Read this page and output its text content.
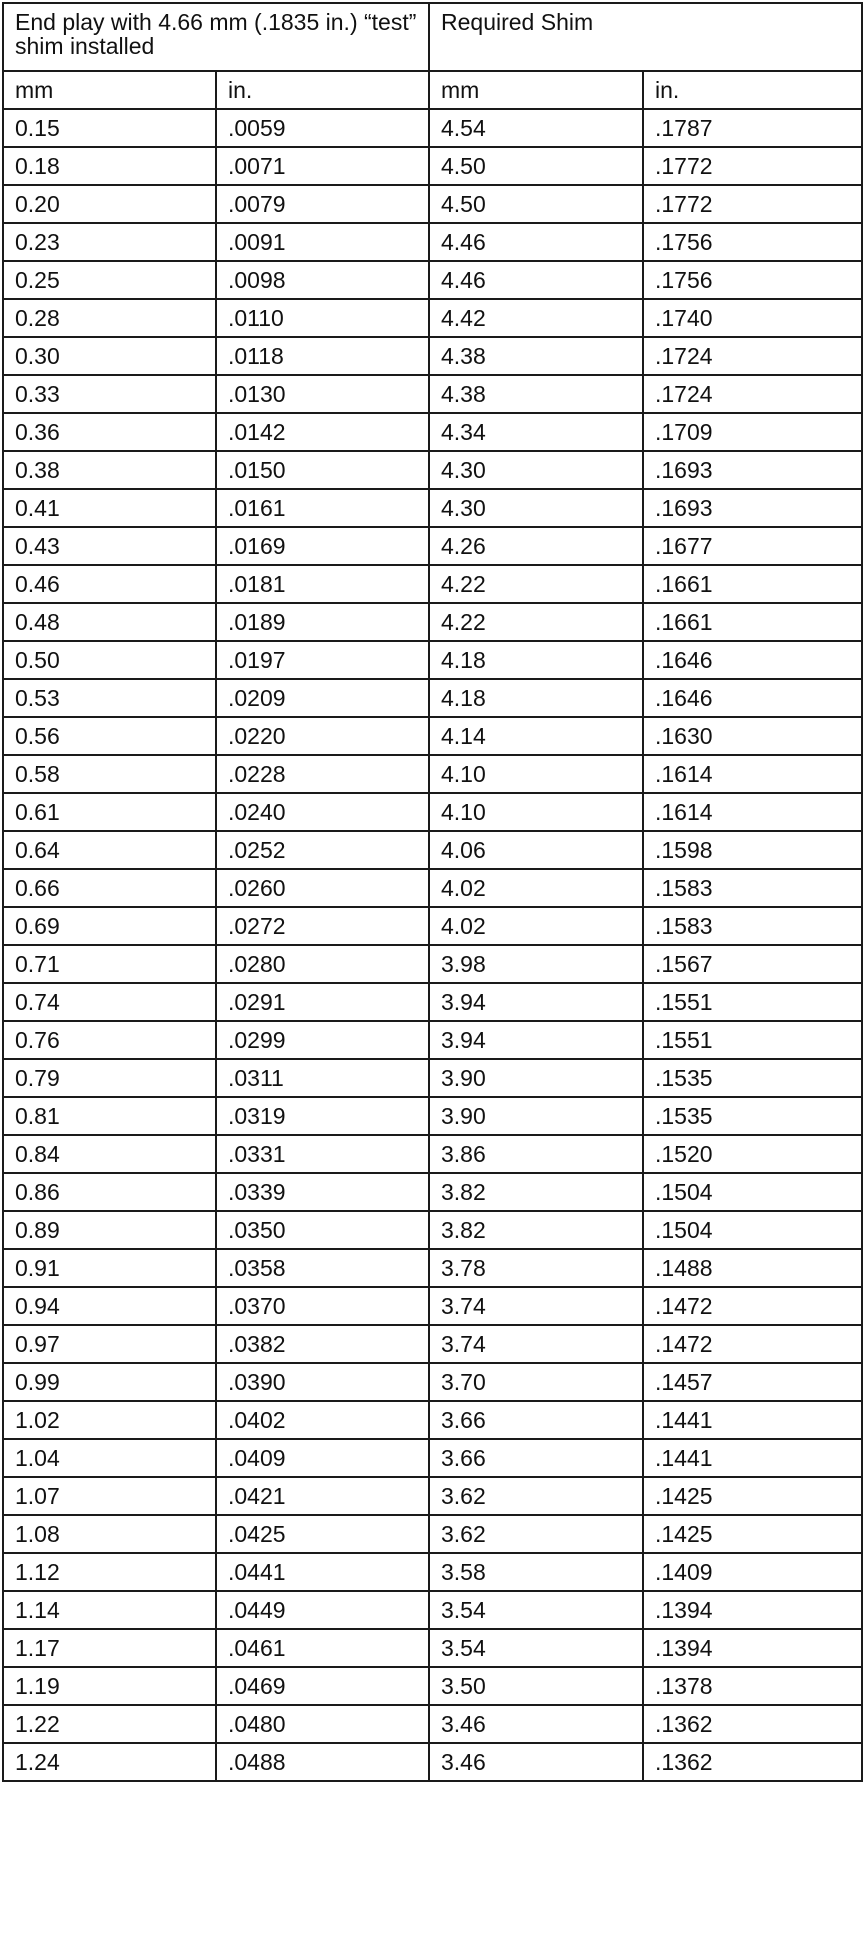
End play with 4.66 mm (.1835 in.) “test” shim installed		Required Shim	
mm	in.	mm	in.
0.15	.0059	4.54	.1787
0.18	.0071	4.50	.1772
0.20	.0079	4.50	.1772
0.23	.0091	4.46	.1756
0.25	.0098	4.46	.1756
0.28	.0110	4.42	.1740
0.30	.0118	4.38	.1724
0.33	.0130	4.38	.1724
0.36	.0142	4.34	.1709
0.38	.0150	4.30	.1693
0.41	.0161	4.30	.1693
0.43	.0169	4.26	.1677
0.46	.0181	4.22	.1661
0.48	.0189	4.22	.1661
0.50	.0197	4.18	.1646
0.53	.0209	4.18	.1646
0.56	.0220	4.14	.1630
0.58	.0228	4.10	.1614
0.61	.0240	4.10	.1614
0.64	.0252	4.06	.1598
0.66	.0260	4.02	.1583
0.69	.0272	4.02	.1583
0.71	.0280	3.98	.1567
0.74	.0291	3.94	.1551
0.76	.0299	3.94	.1551
0.79	.0311	3.90	.1535
0.81	.0319	3.90	.1535
0.84	.0331	3.86	.1520
0.86	.0339	3.82	.1504
0.89	.0350	3.82	.1504
0.91	.0358	3.78	.1488
0.94	.0370	3.74	.1472
0.97	.0382	3.74	.1472
0.99	.0390	3.70	.1457
1.02	.0402	3.66	.1441
1.04	.0409	3.66	.1441
1.07	.0421	3.62	.1425
1.08	.0425	3.62	.1425
1.12	.0441	3.58	.1409
1.14	.0449	3.54	.1394
1.17	.0461	3.54	.1394
1.19	.0469	3.50	.1378
1.22	.0480	3.46	.1362
1.24	.0488	3.46	.1362
